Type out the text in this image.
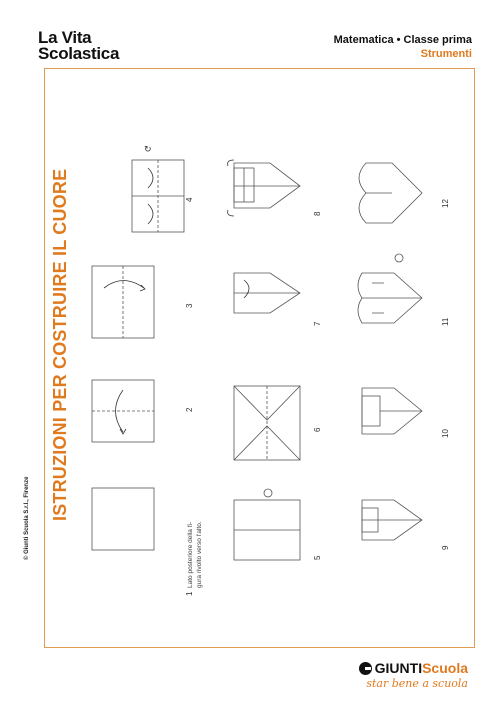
La Vita
Scolastica
Matematica • Classe prima
Strumenti
© Giunti Scuola S.r.l., Firenze ISTRUZIONI PER COSTRUIRE IL CUORE
↻
1
Lato posteriore della fi- gura rivolto verso l'alto.
2
3
4
5
6
7
8
9
10
11
12
GIUNTI Scuola
star bene a scuola
